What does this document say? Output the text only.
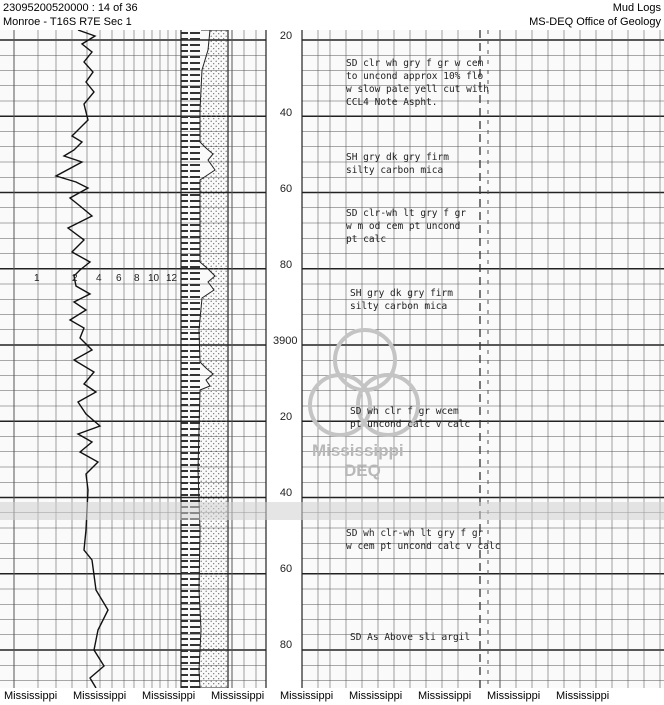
23095200520000 : 14 of 36
Monroe - T16S R7E Sec 1
Mud Logs
MS-DEQ Office of Geology
Mississippi
DEQ
1	2 4 6 8 10 12
20
40
60
80
3900
20
40
60
80
SD clr wh gry f gr w cem
to uncond approx 10% flo
w slow pale yell cut with
CCL4 Note Aspht.
SH gry dk gry firm
silty carbon mica
SD clr-wh lt gry f gr
w m od cem pt uncond
pt calc
SH gry dk gry firm
silty carbon mica
SD wh clr f gr wcem
pt uncond calc v calc
SD wh clr-wh lt gry f gr
w cem pt uncond calc v calc
SD As Above sli argil
Mississippi Mississippi Mississippi Mississippi Mississippi Mississippi Mississippi Mississippi Mississippi
